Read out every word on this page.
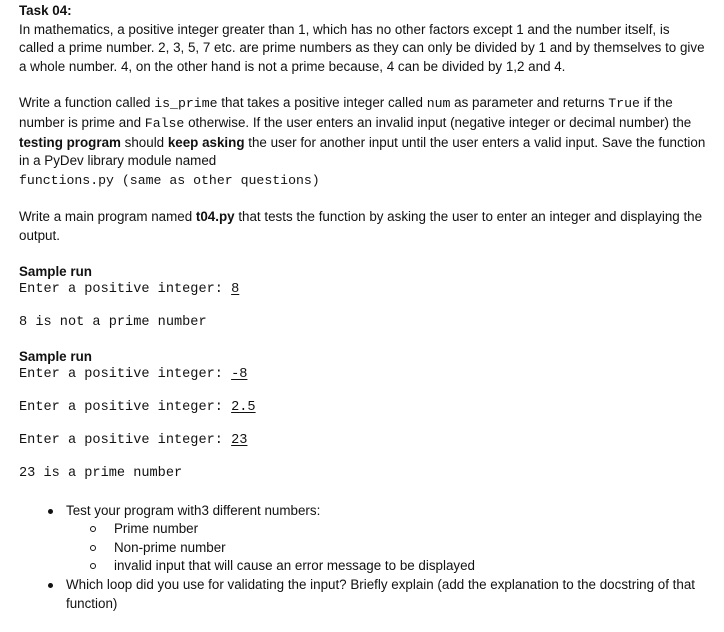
Task 04:

In mathematics, a positive integer greater than 1, which has no other factors except 1 and the number itself, is called a prime number. 2, 3, 5, 7 etc. are prime numbers as they can only be divided by 1 and by themselves to give a whole number. 4, on the other hand is not a prime because, 4 can be divided by 1,2 and 4.

Write a function called is_prime that takes a positive integer called num as parameter and returns True if the number is prime and False otherwise. If the user enters an invalid input (negative integer or decimal number) the testing program should keep asking the user for another input until the user enters a valid input. Save the function in a PyDev library module named
functions.py (same as other questions)

Write a main program named t04.py that tests the function by asking the user to enter an integer and displaying the output.

Sample run

Enter a positive integer: 8

8 is not a prime number

Sample run

Enter a positive integer: -8

Enter a positive integer: 2.5

Enter a positive integer: 23

23 is a prime number

Test your program with3 different numbers:
Prime number
Non-prime number
invalid input that will cause an error message to be displayed
Which loop did you use for validating the input? Briefly explain (add the explanation to the docstring of that function)
